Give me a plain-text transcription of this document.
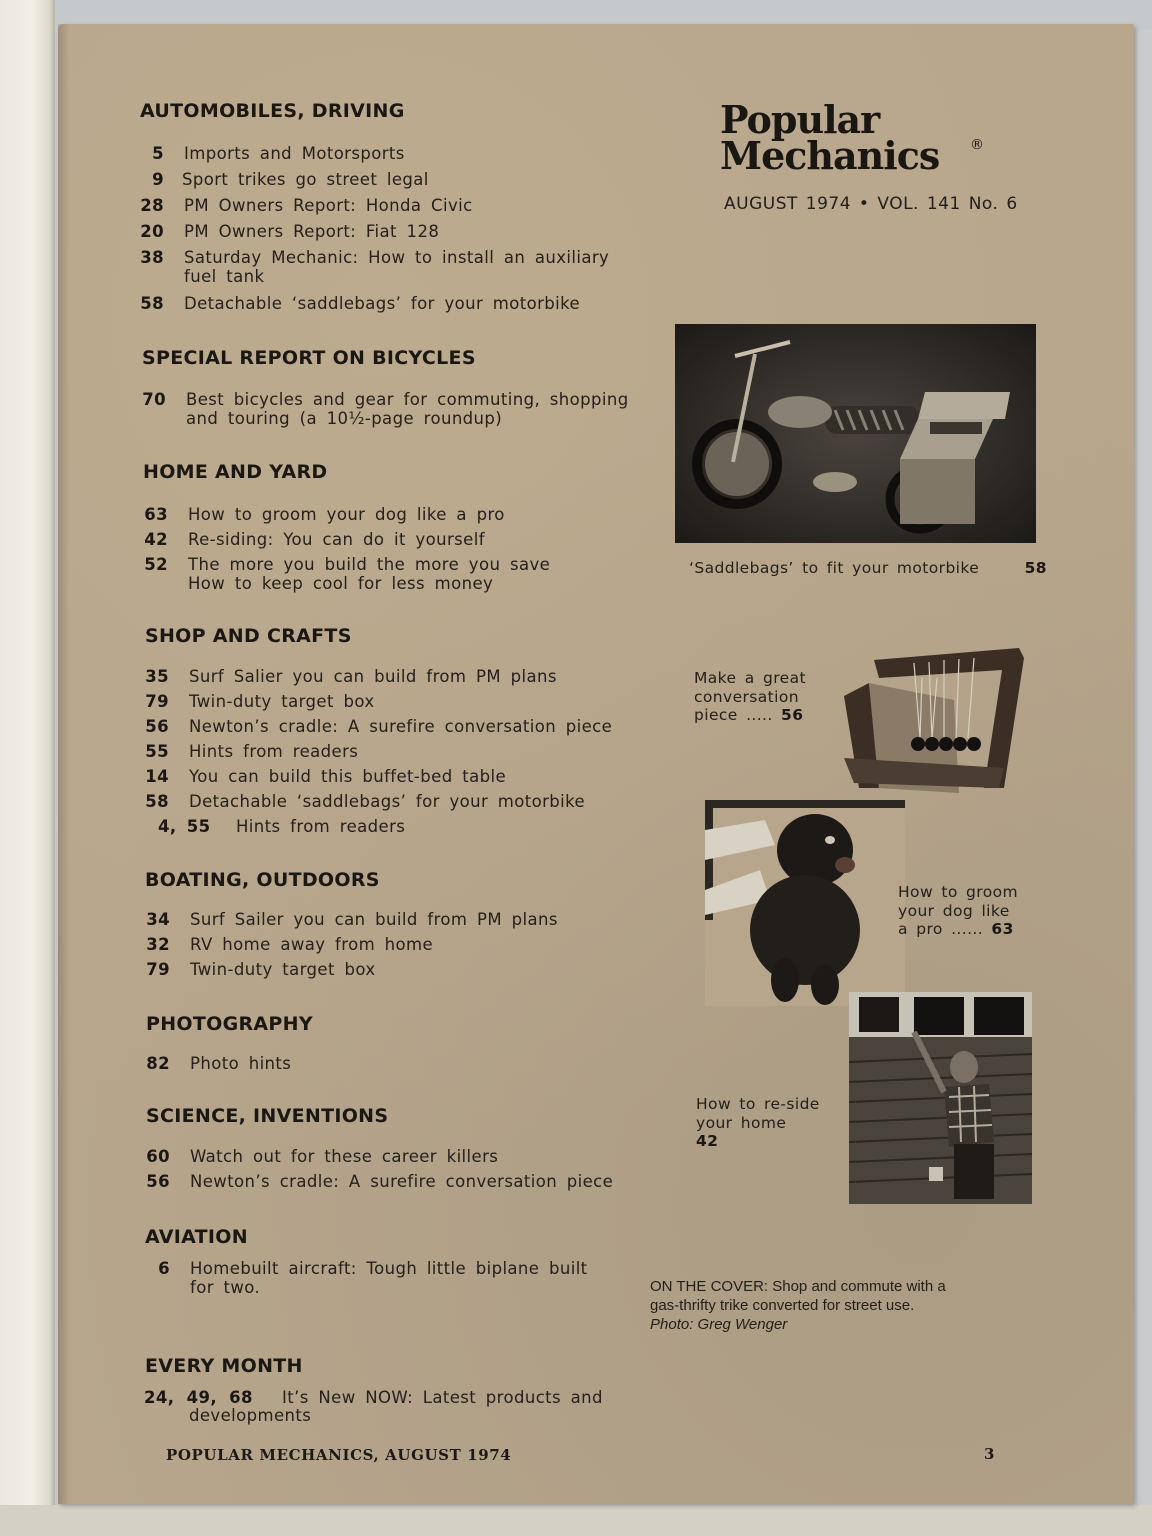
AUTOMOBILES, DRIVING
5 Imports and Motorsports
9 Sport trikes go street legal
28 PM Owners Report: Honda Civic
20 PM Owners Report: Fiat 128
38 Saturday Mechanic: How to install an auxiliary
fuel tank
58 Detachable ‘saddlebags’ for your motorbike
SPECIAL REPORT ON BICYCLES
70 Best bicycles and gear for commuting, shopping
and touring (a 10½-page roundup)
HOME AND YARD
63 How to groom your dog like a pro
42 Re-siding: You can do it yourself
52 The more you build the more you save
How to keep cool for less money
SHOP AND CRAFTS
35 Surf Salier you can build from PM plans
79 Twin-duty target box
56 Newton’s cradle: A surefire conversation piece
55 Hints from readers
14 You can build this buffet-bed table
58 Detachable ‘saddlebags’ for your motorbike
4, 55 Hints from readers
BOATING, OUTDOORS
34 Surf Sailer you can build from PM plans
32 RV home away from home
79 Twin-duty target box
PHOTOGRAPHY
82 Photo hints
SCIENCE, INVENTIONS
60 Watch out for these career killers
56 Newton’s cradle: A surefire conversation piece
AVIATION
6 Homebuilt aircraft: Tough little biplane built
for two.
EVERY MONTH
24, 49, 68 It’s New NOW: Latest products and
developments
Popular
Mechanics ®
AUGUST 1974 • VOL. 141 No. 6
‘Saddlebags’ to fit your motorbike	58
Make a great
conversation
piece ..... 56
How to groom
your dog like
a pro ...... 63
How to re-side
your home    42
ON THE COVER: Shop and commute with a
gas-thrifty trike converted for street use.
Photo: Greg Wenger
POPULAR MECHANICS, AUGUST 1974	3
